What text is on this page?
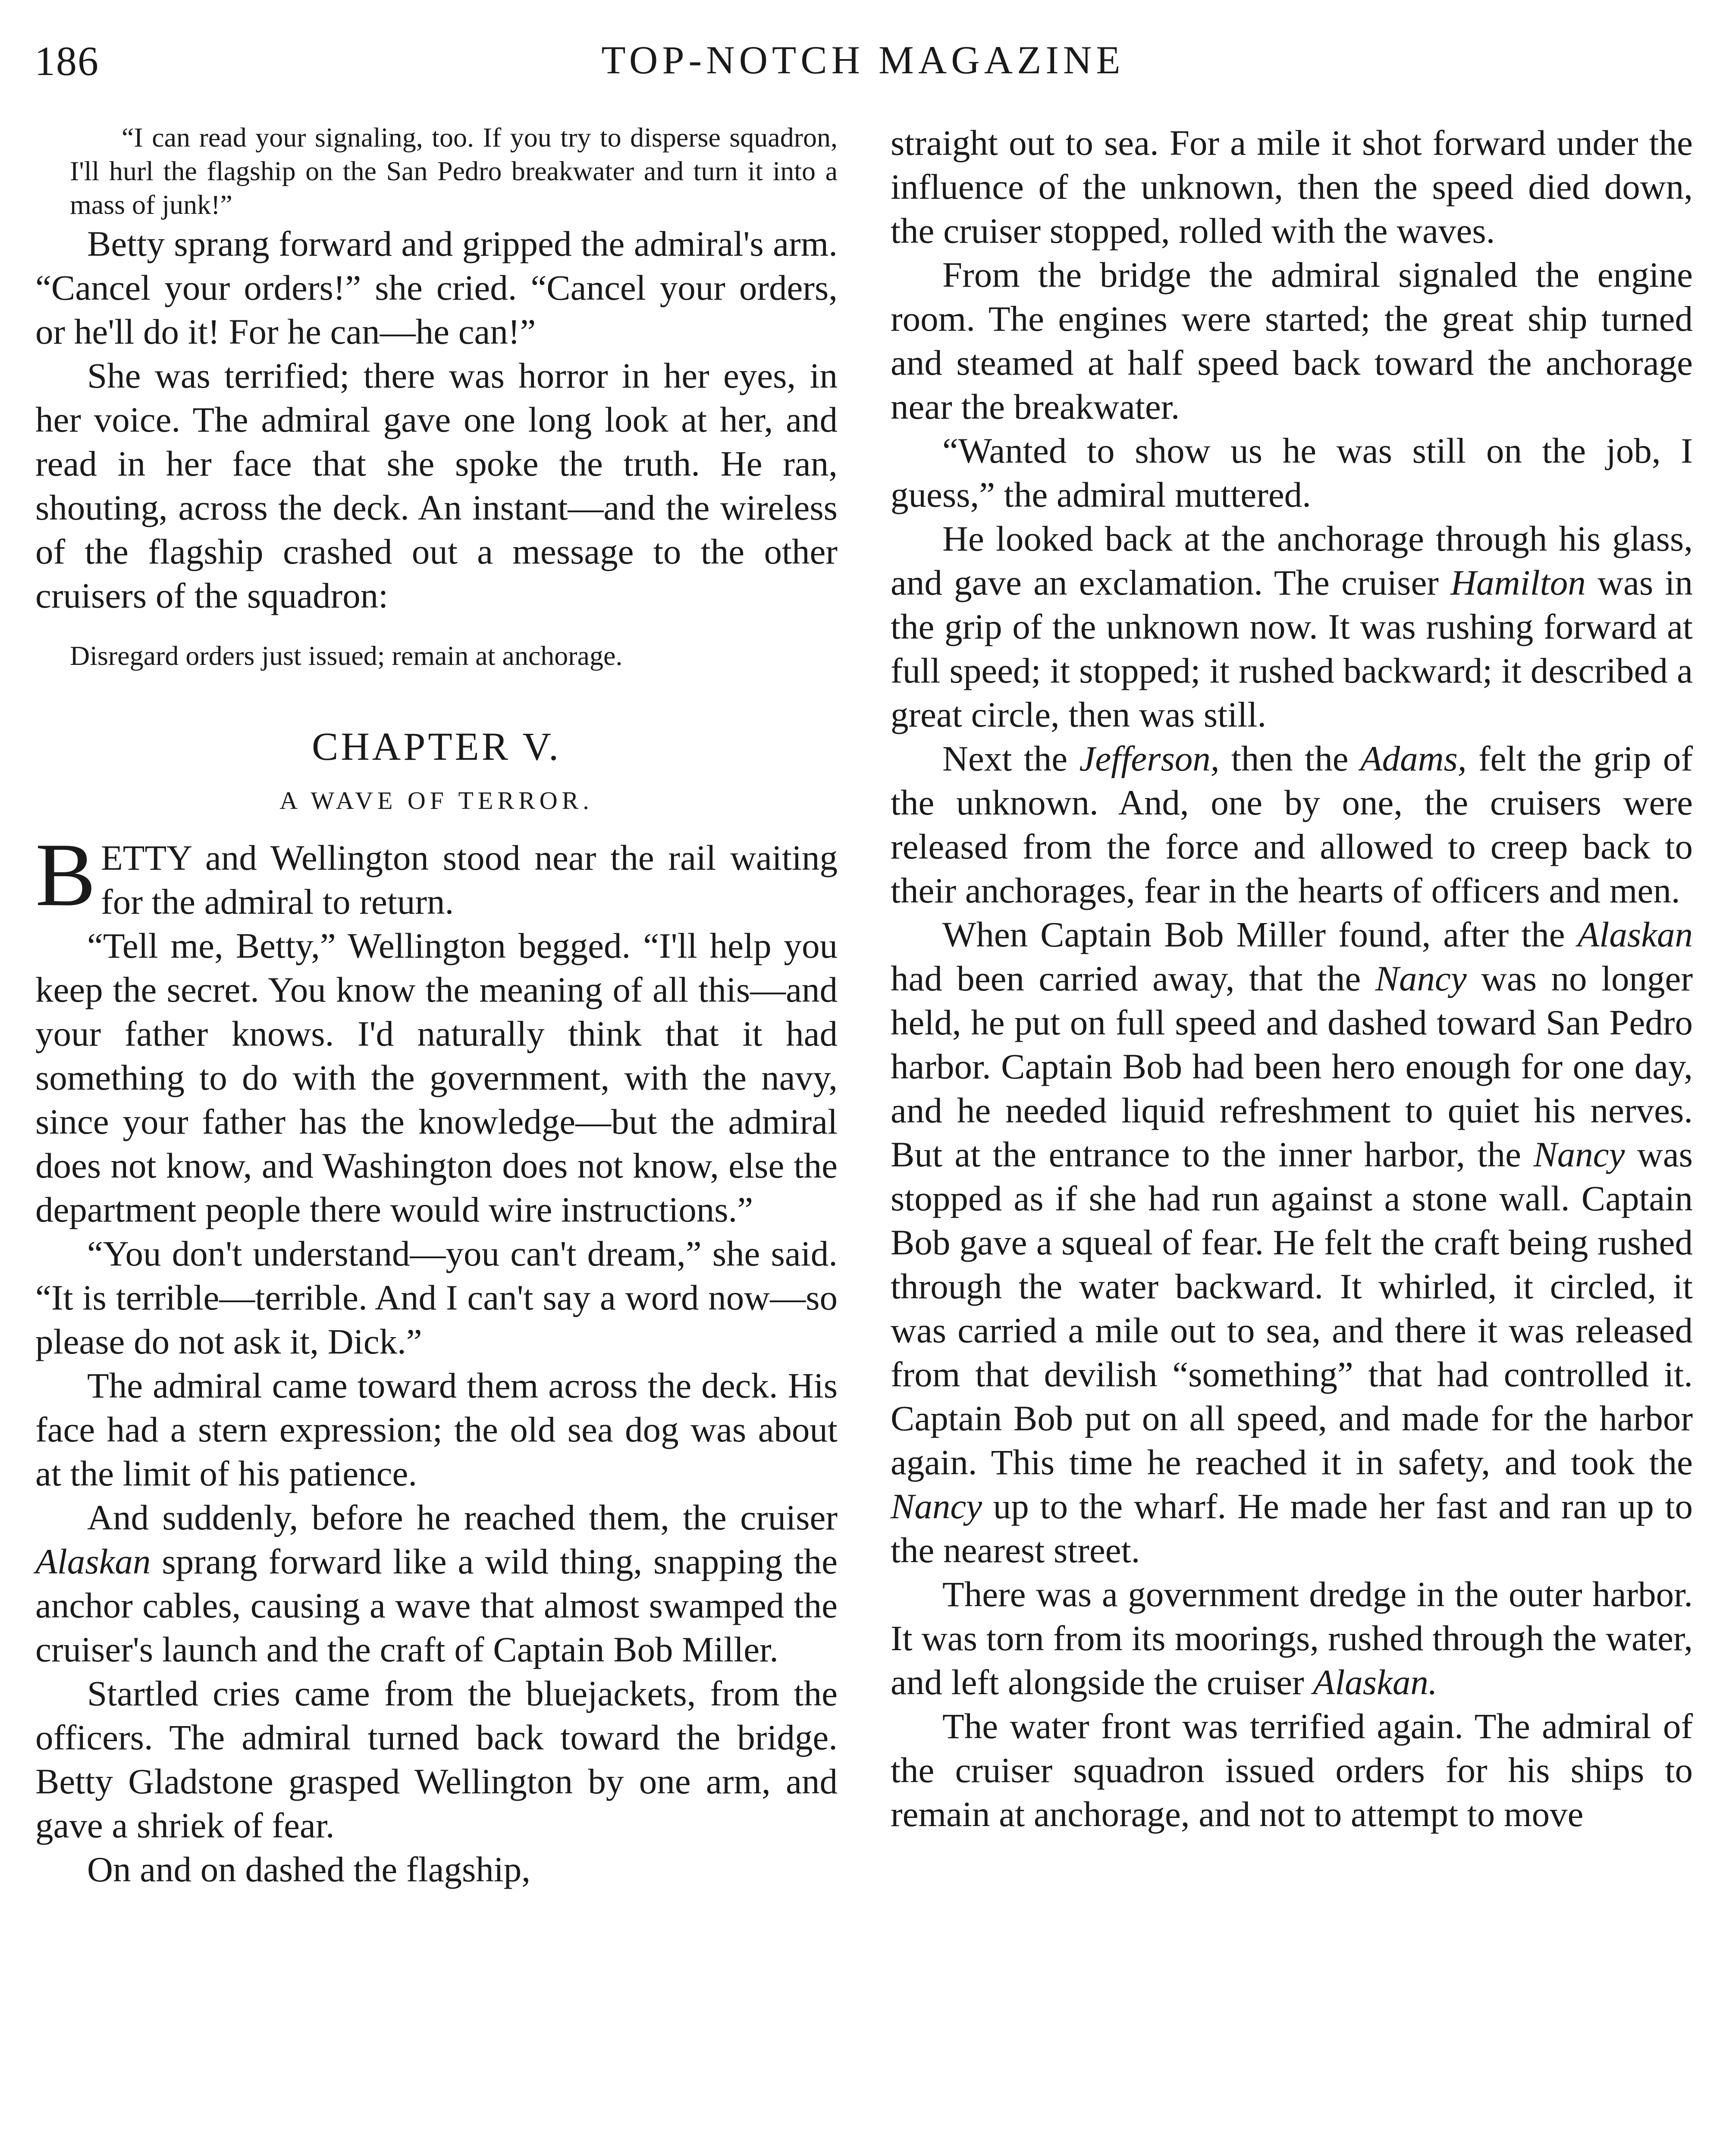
186	TOP-NOTCH MAGAZINE

“I can read your signaling, too. If you try to disperse squadron, I'll hurl the flagship on the San Pedro breakwater and turn it into a mass of junk!”

Betty sprang forward and gripped the admiral's arm. “Cancel your orders!” she cried. “Cancel your orders, or he'll do it! For he can—he can!”

She was terrified; there was horror in her eyes, in her voice. The admiral gave one long look at her, and read in her face that she spoke the truth. He ran, shouting, across the deck. An instant—and the wireless of the flagship crashed out a message to the other cruisers of the squadron:

Disregard orders just issued; remain at anchorage.

CHAPTER V.
A WAVE OF TERROR.

BETTY and Wellington stood near the rail waiting for the admiral to return.

“Tell me, Betty,” Wellington begged. “I'll help you keep the secret. You know the meaning of all this—and your father knows. I'd naturally think that it had something to do with the government, with the navy, since your father has the knowledge—but the admiral does not know, and Washington does not know, else the department people there would wire instructions.”

“You don't understand—you can't dream,” she said. “It is terrible—terrible. And I can't say a word now—so please do not ask it, Dick.”

The admiral came toward them across the deck. His face had a stern expression; the old sea dog was about at the limit of his patience.

And suddenly, before he reached them, the cruiser Alaskan sprang forward like a wild thing, snapping the anchor cables, causing a wave that almost swamped the cruiser's launch and the craft of Captain Bob Miller.

Startled cries came from the bluejackets, from the officers. The admiral turned back toward the bridge. Betty Gladstone grasped Wellington by one arm, and gave a shriek of fear.

On and on dashed the flagship,

straight out to sea. For a mile it shot forward under the influence of the unknown, then the speed died down, the cruiser stopped, rolled with the waves.

From the bridge the admiral signaled the engine room. The engines were started; the great ship turned and steamed at half speed back toward the anchorage near the breakwater.

“Wanted to show us he was still on the job, I guess,” the admiral muttered.

He looked back at the anchorage through his glass, and gave an exclamation. The cruiser Hamilton was in the grip of the unknown now. It was rushing forward at full speed; it stopped; it rushed backward; it described a great circle, then was still.

Next the Jefferson, then the Adams, felt the grip of the unknown. And, one by one, the cruisers were released from the force and allowed to creep back to their anchorages, fear in the hearts of officers and men.

When Captain Bob Miller found, after the Alaskan had been carried away, that the Nancy was no longer held, he put on full speed and dashed toward San Pedro harbor. Captain Bob had been hero enough for one day, and he needed liquid refreshment to quiet his nerves. But at the entrance to the inner harbor, the Nancy was stopped as if she had run against a stone wall. Captain Bob gave a squeal of fear. He felt the craft being rushed through the water backward. It whirled, it circled, it was carried a mile out to sea, and there it was released from that devilish “something” that had controlled it. Captain Bob put on all speed, and made for the harbor again. This time he reached it in safety, and took the Nancy up to the wharf. He made her fast and ran up to the nearest street.

There was a government dredge in the outer harbor. It was torn from its moorings, rushed through the water, and left alongside the cruiser Alaskan.

The water front was terrified again. The admiral of the cruiser squadron issued orders for his ships to remain at anchorage, and not to attempt to move
